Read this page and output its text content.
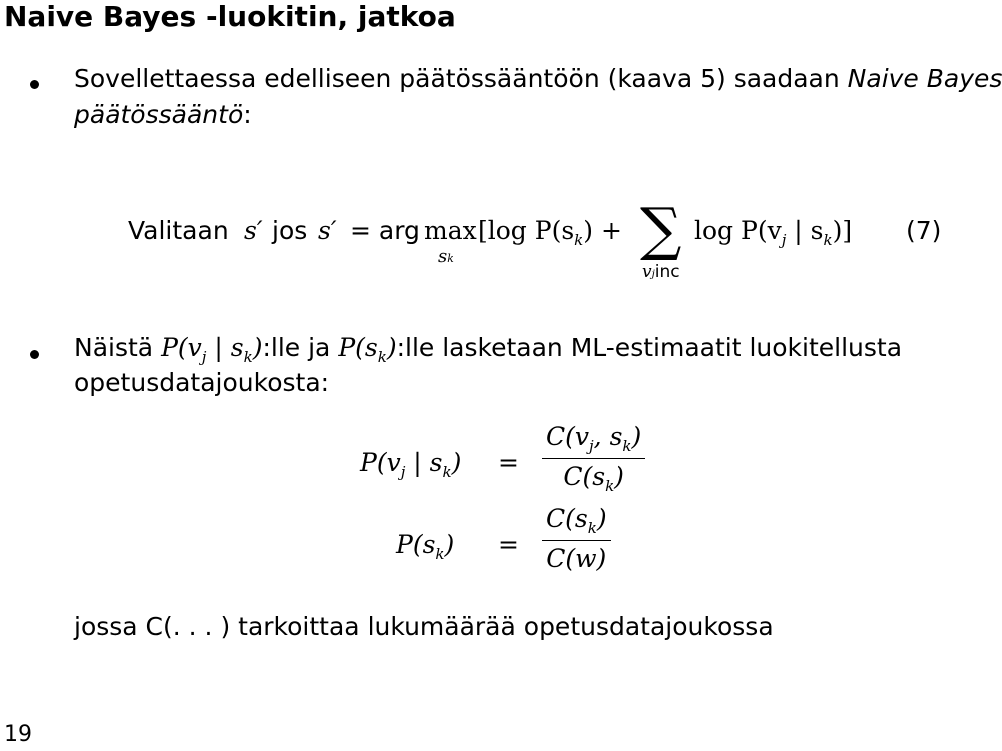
Naive Bayes -luokitin, jatkoa
Sovellettaessa edelliseen päätössääntöön (kaava 5) saadaan Naive Bayes
päätössääntö:
Valitaan s′ jos s′ = arg max
sk
[log $P(s_k)$ + ∑
vjinc
$\log P(v_j$ | $s_k$)] (7)
Näistä $P(v_j$ | $s_k):lle$ ja $P(s_k):lle$ lasketaan ML-estimaatit luokitellusta
opetusdatajoukosta:
$P(v_j$ | $s_k) = \frac{C(v_j, s_k)}{C(s_k)}$
$P(s_k) = \frac{C(s_k)}{C(w)}$
jossa C(. . . ) tarkoittaa lukumäärää opetusdatajoukossa
19
